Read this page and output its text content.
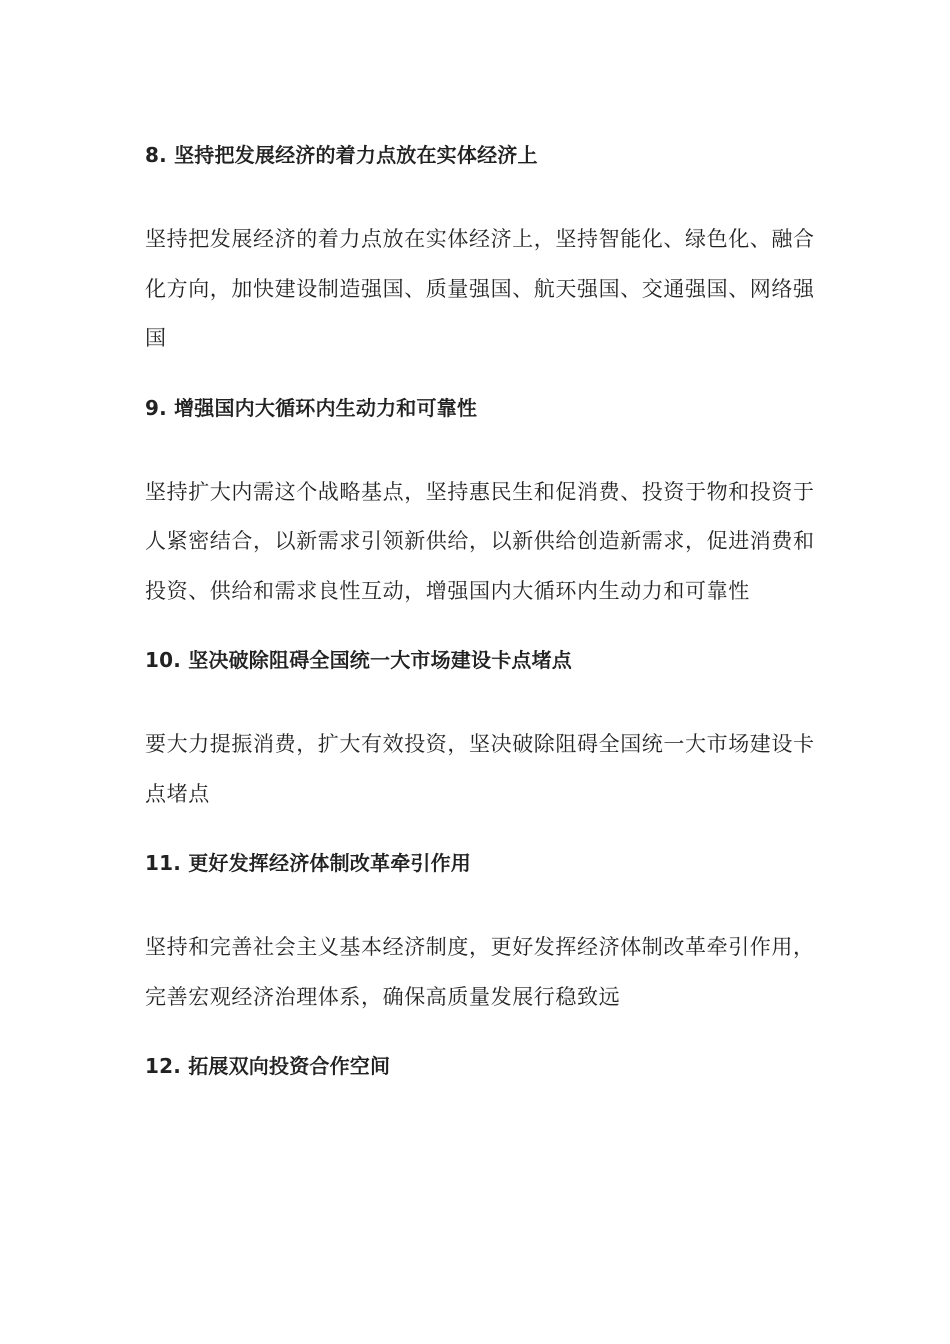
8. 坚持把发展经济的着力点放在实体经济上

坚持把发展经济的着力点放在实体经济上，坚持智能化、绿色化、融合化方向，加快建设制造强国、质量强国、航天强国、交通强国、网络强国

9. 增强国内大循环内生动力和可靠性

坚持扩大内需这个战略基点，坚持惠民生和促消费、投资于物和投资于人紧密结合，以新需求引领新供给，以新供给创造新需求，促进消费和投资、供给和需求良性互动，增强国内大循环内生动力和可靠性

10. 坚决破除阻碍全国统一大市场建设卡点堵点

要大力提振消费，扩大有效投资，坚决破除阻碍全国统一大市场建设卡点堵点

11. 更好发挥经济体制改革牵引作用

坚持和完善社会主义基本经济制度，更好发挥经济体制改革牵引作用，完善宏观经济治理体系，确保高质量发展行稳致远

12. 拓展双向投资合作空间
